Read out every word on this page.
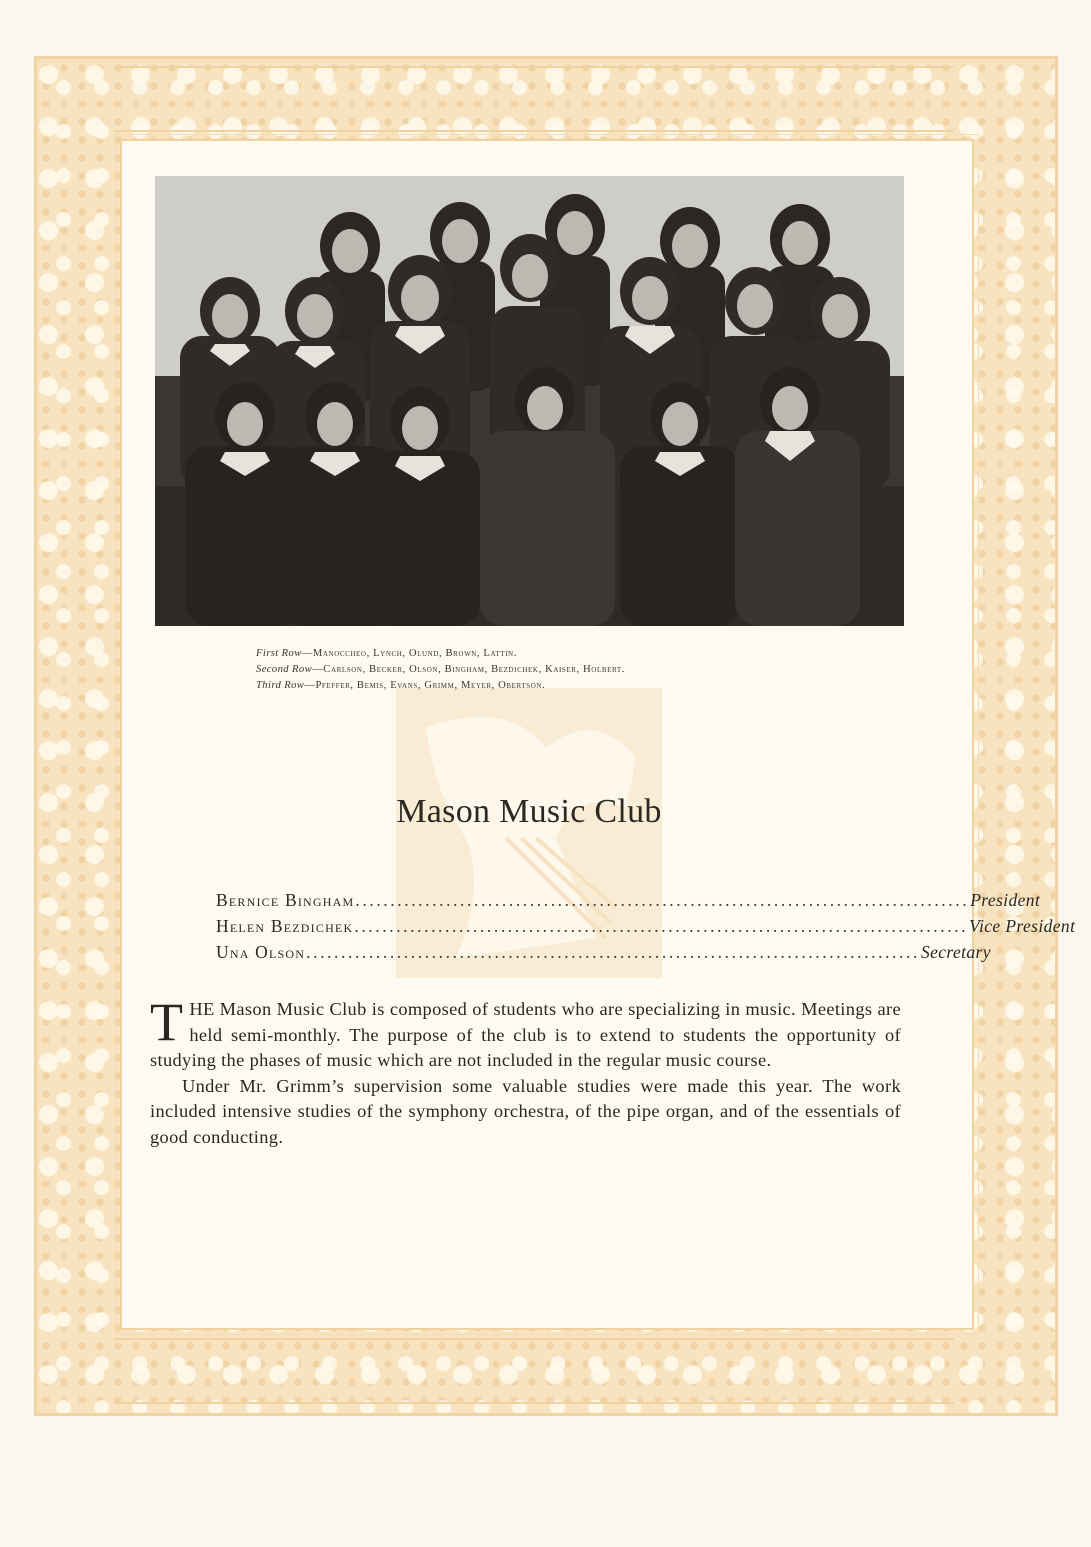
First Row—Manoccheo, Lynch, Olund, Brown, Lattin.
Second Row—Carlson, Becker, Olson, Bingham, Bezdichek, Kaiser, Holbert.
Third Row—Pfeffer, Bemis, Evans, Grimm, Meyer, Obertson.
Mason Music Club
Bernice Bingham ........................................................................................ President
Helen Bezdichek ........................................................................................ Vice President
Una Olson ........................................................................................ Secretary

THE Mason Music Club is composed of students who are specializing in music. Meetings are held semi-monthly. The purpose of the club is to extend to students the opportunity of studying the phases of music which are not included in the regular music course.

Under Mr. Grimm’s supervision some valuable studies were made this year. The work included intensive studies of the symphony orchestra, of the pipe organ, and of the essentials of good conducting.
